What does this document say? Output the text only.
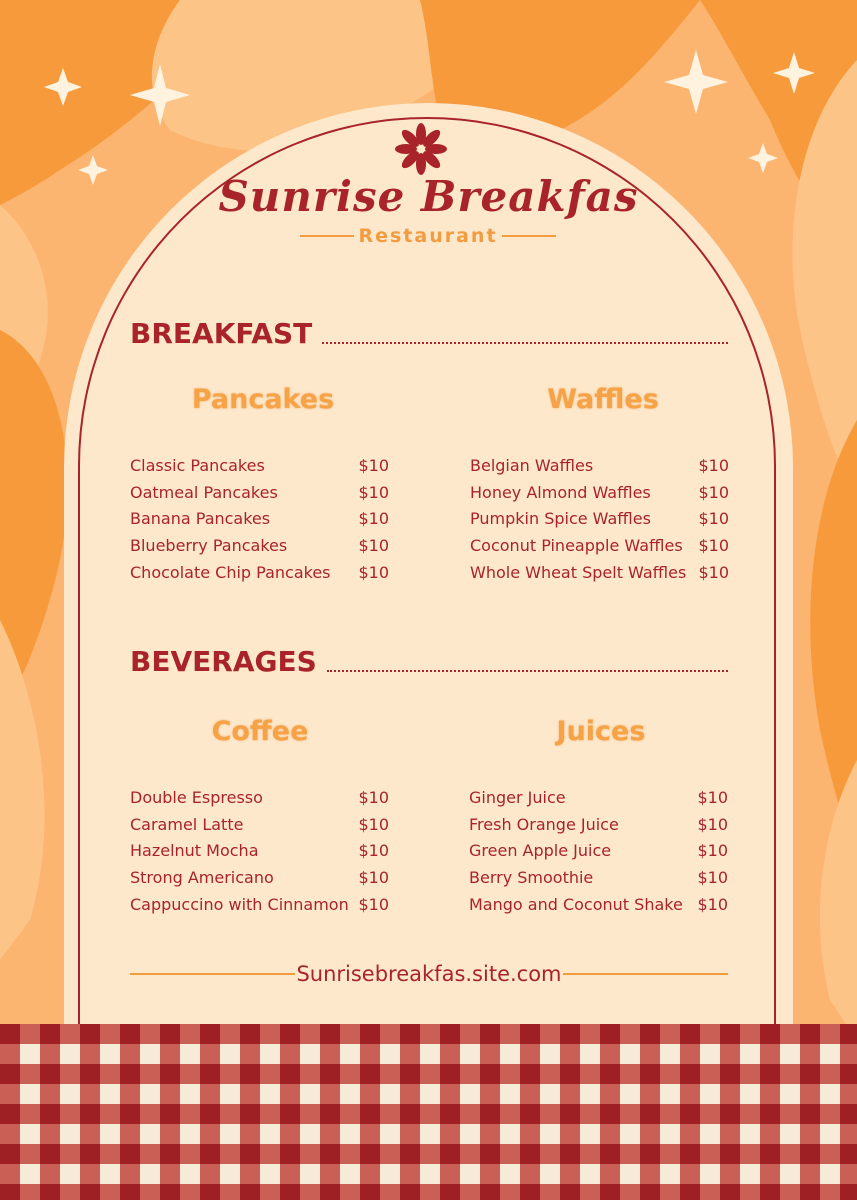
Sunrise Breakfas
Restaurant
BREAKFAST
Pancakes	Waffles
Classic Pancakes	$10
Oatmeal Pancakes	$10
Banana Pancakes	$10
Blueberry Pancakes	$10
Chocolate Chip Pancakes $10
Belgian Waffles	$10
Honey Almond Waffles	$10
Pumpkin Spice Waffles	$10
Coconut Pineapple Waffles $10
Whole Wheat Spelt Waffles $10
BEVERAGES
Coffee	Juices
Double Espresso	$10
Caramel Latte	$10
Hazelnut Mocha	$10
Strong Americano	$10
Cappuccino with Cinnamon $10
Ginger Juice	$10
Fresh Orange Juice	$10
Green Apple Juice	$10
Berry Smoothie	$10
Mango and Coconut Shake $10
Sunrisebreakfas.site.com
